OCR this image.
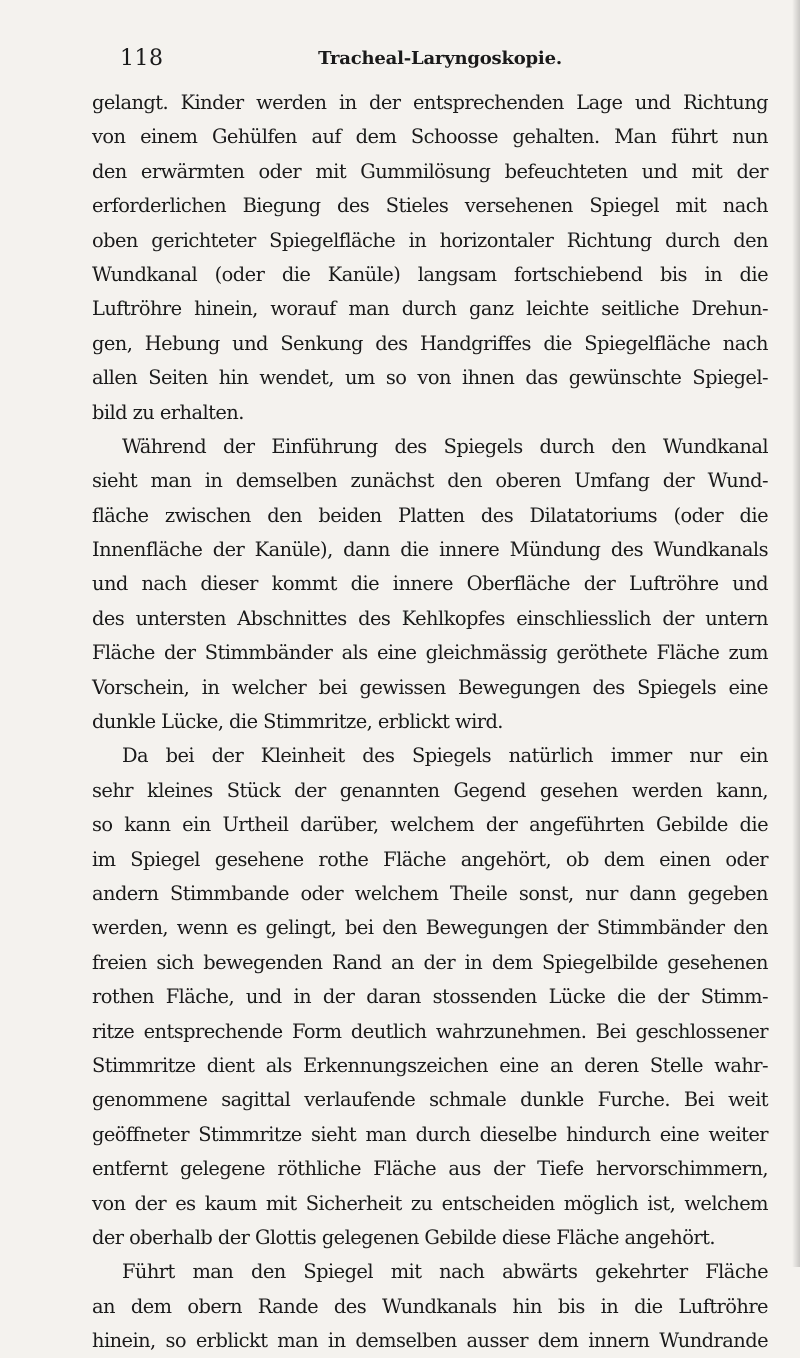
118	Tracheal-Laryngoskopie.
gelangt. Kinder werden in der entsprechenden Lage und Richtung
von einem Gehülfen auf dem Schoosse gehalten. Man führt nun
den erwärmten oder mit Gummilösung befeuchteten und mit der
erforderlichen Biegung des Stieles versehenen Spiegel mit nach
oben gerichteter Spiegelfläche in horizontaler Richtung durch den
Wundkanal (oder die Kanüle) langsam fortschiebend bis in die
Luftröhre hinein, worauf man durch ganz leichte seitliche Drehun-
gen, Hebung und Senkung des Handgriffes die Spiegelfläche nach
allen Seiten hin wendet, um so von ihnen das gewünschte Spiegel-
bild zu erhalten.
Während der Einführung des Spiegels durch den Wundkanal
sieht man in demselben zunächst den oberen Umfang der Wund-
fläche zwischen den beiden Platten des Dilatatoriums (oder die
Innenfläche der Kanüle), dann die innere Mündung des Wundkanals
und nach dieser kommt die innere Oberfläche der Luftröhre und
des untersten Abschnittes des Kehlkopfes einschliesslich der untern
Fläche der Stimmbänder als eine gleichmässig geröthete Fläche zum
Vorschein, in welcher bei gewissen Bewegungen des Spiegels eine
dunkle Lücke, die Stimmritze, erblickt wird.
Da bei der Kleinheit des Spiegels natürlich immer nur ein
sehr kleines Stück der genannten Gegend gesehen werden kann,
so kann ein Urtheil darüber, welchem der angeführten Gebilde die
im Spiegel gesehene rothe Fläche angehört, ob dem einen oder
andern Stimmbande oder welchem Theile sonst, nur dann gegeben
werden, wenn es gelingt, bei den Bewegungen der Stimmbänder den
freien sich bewegenden Rand an der in dem Spiegelbilde gesehenen
rothen Fläche, und in der daran stossenden Lücke die der Stimm-
ritze entsprechende Form deutlich wahrzunehmen. Bei geschlossener
Stimmritze dient als Erkennungszeichen eine an deren Stelle wahr-
genommene sagittal verlaufende schmale dunkle Furche. Bei weit
geöffneter Stimmritze sieht man durch dieselbe hindurch eine weiter
entfernt gelegene röthliche Fläche aus der Tiefe hervorschimmern,
von der es kaum mit Sicherheit zu entscheiden möglich ist, welchem
der oberhalb der Glottis gelegenen Gebilde diese Fläche angehört.
Führt man den Spiegel mit nach abwärts gekehrter Fläche
an dem obern Rande des Wundkanals hin bis in die Luftröhre
hinein, so erblickt man in demselben ausser dem innern Wundrande
